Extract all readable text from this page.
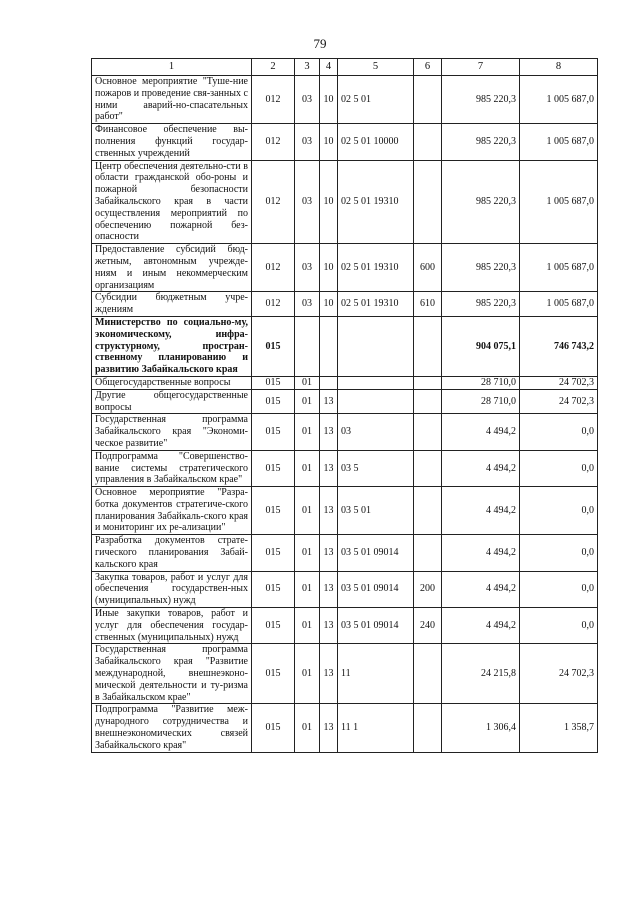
79
1	2	3	4	5	6	7	8
Основное мероприятие "Туше-ние пожаров и проведение свя-занных с ними аварий-но-спасательных работ"	012	03	10	02 5 01		985 220,3	1 005 687,0
Финансовое обеспечение вы-полнения функций государ-ственных учреждений	012	03	10	02 5 01 10000		985 220,3	1 005 687,0
Центр обеспечения деятельно-сти в области гражданской обо-роны и пожарной безопасности Забайкальского края в части осуществления мероприятий по обеспечению пожарной без-опасности	012	03	10	02 5 01 19310		985 220,3	1 005 687,0
Предоставление субсидий бюд-жетным, автономным учрежде-ниям и иным некоммерческим организациям	012	03	10	02 5 01 19310	600	985 220,3	1 005 687,0
Субсидии бюджетным учре-ждениям	012	03	10	02 5 01 19310	610	985 220,3	1 005 687,0
Министерство по социально-му, экономическому, инфра-структурному, простран-ственному планированию и развитию Забайкальского края	015					904 075,1	746 743,2
Общегосударственные вопросы	015	01				28 710,0	24 702,3
Другие общегосударственные вопросы	015	01	13			28 710,0	24 702,3
Государственная программа Забайкальского края "Экономи-ческое развитие"	015	01	13	03		4 494,2	0,0
Подпрограмма "Совершенство-вание системы стратегического управления в Забайкальском крае"	015	01	13	03 5		4 494,2	0,0
Основное мероприятие "Разра-ботка документов стратегиче-ского планирования Забайкаль-ского края и мониторинг их ре-ализации"	015	01	13	03 5 01		4 494,2	0,0
Разработка документов страте-гического планирования Забай-кальского края	015	01	13	03 5 01 09014		4 494,2	0,0
Закупка товаров, работ и услуг для обеспечения государствен-ных (муниципальных) нужд	015	01	13	03 5 01 09014	200	4 494,2	0,0
Иные закупки товаров, работ и услуг для обеспечения государ-ственных (муниципальных) нужд	015	01	13	03 5 01 09014	240	4 494,2	0,0
Государственная программа Забайкальского края "Развитие международной, внешнеэконо-мической деятельности и ту-ризма в Забайкальском крае"	015	01	13	11		24 215,8	24 702,3
Подпрограмма "Развитие меж-дународного сотрудничества и внешнеэкономических связей Забайкальского края"	015	01	13	11 1		1 306,4	1 358,7
